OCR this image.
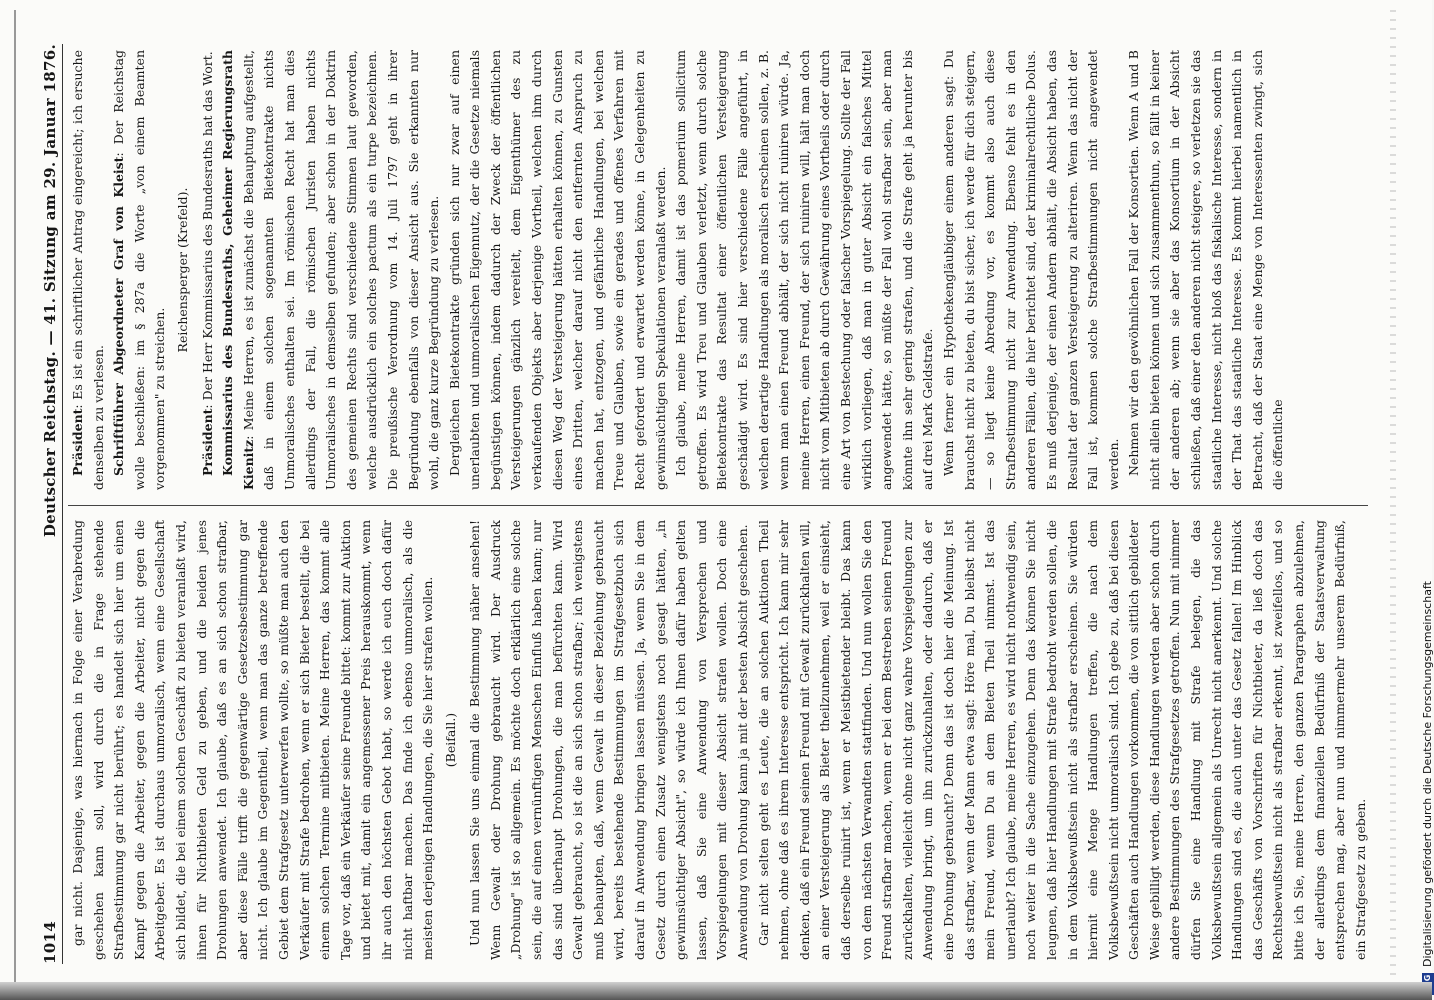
1014
Deutscher Reichstag. — 41. Sitzung am 29. Januar 1876.

gar nicht. Dasjenige, was hiernach in Folge einer Verabredung geschehen kann soll, wird durch die in Frage stehende Strafbestimmung gar nicht berührt; es handelt sich hier um einen Kampf gegen die Arbeiter, gegen die Arbeiter, nicht gegen die Arbeitgeber. Es ist durchaus unmoralisch, wenn eine Gesellschaft sich bildet, die bei einem solchen Geschäft zu bieten veranlaßt wird, ihnen für Nichtbieten Geld zu geben, und die beiden jenes Drohungen anwendet. Ich glaube, daß es an sich schon strafbar, aber diese Fälle trifft die gegenwärtige Gesetzesbestimmung gar nicht. Ich glaube im Gegentheil, wenn man das ganze betreffende Gebiet dem Strafgesetz unterwerfen wollte, so müßte man auch den Verkäufer mit Strafe bedrohen, wenn er sich Bieter bestellt, die bei einem solchen Termine mitbieten. Meine Herren, das kommt alle Tage vor, daß ein Verkäufer seine Freunde bittet: kommt zur Auktion und bietet mit, damit ein angemessener Preis herauskommt, wenn ihr auch den höchsten Gebot habt, so werde ich euch doch dafür nicht haftbar machen. Das finde ich ebenso unmoralisch, als die meisten derjenigen Handlungen, die Sie hier strafen wollen. (Beifall.) Und nun lassen Sie uns einmal die Bestimmung näher ansehen! Wenn Gewalt oder Drohung gebraucht wird. Der Ausdruck „Drohung" ist so allgemein. Es möchte doch erklärlich eine solche sein, die auf einen vernünftigen Menschen Einfluß haben kann; nur das sind überhaupt Drohungen, die man befürchten kann. Wird Gewalt gebraucht, so ist die an sich schon strafbar; ich wenigstens muß behaupten, daß, wenn Gewalt in dieser Beziehung gebraucht wird, bereits bestehende Bestimmungen im Strafgesetzbuch sich darauf in Anwendung bringen lassen müssen. Ja, wenn Sie in dem Gesetz durch einen Zusatz wenigstens noch gesagt hätten, „in gewinnsüchtiger Absicht", so würde ich Ihnen dafür haben gelten lassen, daß Sie eine Anwendung von Versprechen und Vorspiegelungen mit dieser Absicht strafen wollen. Doch eine Anwendung von Drohung kann ja mit der besten Absicht geschehen. Gar nicht selten geht es Leute, die an solchen Auktionen Theil nehmen, ohne daß es ihrem Interesse entspricht. Ich kann mir sehr denken, daß ein Freund seinen Freund mit Gewalt zurückhalten will, an einer Versteigerung als Bieter theilzunehmen, weil er einsieht, daß derselbe ruinirt ist, wenn er Meistbietender bleibt. Das kann von dem nächsten Verwandten stattfinden. Und nun wollen Sie den Freund strafbar machen, wenn er bei dem Bestreben seinen Freund zurückhalten, vielleicht ohne nicht ganz wahre Vorspiegelungen zur Anwendung bringt, um ihn zurückzuhalten, oder dadurch, daß er eine Drohung gebraucht? Denn das ist doch hier die Meinung. Ist das strafbar, wenn der Mann etwa sagt: Höre mal, Du bleibst nicht mein Freund, wenn Du an dem Bieten Theil nimmst. Ist das unerlaubt? Ich glaube, meine Herren, es wird nicht nothwendig sein, noch weiter in die Sache einzugehen. Denn das können Sie nicht leugnen, daß hier Handlungen mit Strafe bedroht werden sollen, die in dem Volksbewußtsein nicht als strafbar erscheinen. Sie würden hiermit eine Menge Handlungen treffen, die nach dem Volksbewußtsein nicht unmoralisch sind. Ich gebe zu, daß bei diesen Geschäften auch Handlungen vorkommen, die von sittlich gebildeter Weise gebilligt werden, diese Handlungen werden aber schon durch andere Bestimmungen des Strafgesetzes getroffen. Nun mit nimmer dürfen Sie eine Handlung mit Strafe belegen, die das Volksbewußtsein allgemein als Unrecht nicht anerkennt. Und solche Handlungen sind es, die auch unter das Gesetz fallen! Im Hinblick das Geschäfts von Vorschriften für Nichtbieter, da ließ doch das Rechtsbewußtsein nicht als strafbar erkennt, ist zweifellos, und so bitte ich Sie, meine Herren, den ganzen Paragraphen abzulehnen, der allerdings dem finanziellen Bedürfniß der Staatsverwaltung entsprechen mag, aber nun und nimmermehr unserem Bedürfniß, ein Strafgesetz zu geben.

Präsident: Es ist ein schriftlicher Antrag eingereicht; ich ersuche denselben zu verlesen. Schriftführer Abgeordneter Graf von Kleist: Der Reichstag wolle beschließen: im § 287a die Worte „von einem Beamten vorgenommen" zu streichen.

Reichensperger (Krefeld).

Präsident: Der Herr Kommissarius des Bundesraths hat das Wort. Kommissarius des Bundesraths, Geheimer Regierungsrath Kienitz: Meine Herren, es ist zunächst die Behauptung aufgestellt, daß in einem solchen sogenannten Bietekontrakte nichts Unmoralisches enthalten sei. Im römischen Recht hat man dies allerdings der Fall, die römischen Juristen haben nichts Unmoralisches in demselben gefunden; aber schon in der Doktrin des gemeinen Rechts sind verschiedene Stimmen laut geworden, welche ausdrücklich ein solches pactum als ein turpe bezeichnen. Die preußische Verordnung vom 14. Juli 1797 geht in ihrer Begründung ebenfalls von dieser Ansicht aus. Sie erkannten nur wohl, die ganz kurze Begründung zu verlesen. Dergleichen Bietekontrakte gründen sich nur zwar auf einen unerlaubten und unmoralischen Eigennutz, der die Gesetze niemals begünstigen können, indem dadurch der Zweck der öffentlichen Versteigerungen gänzlich vereitelt, dem Eigenthümer des zu verkaufenden Objekts aber derjenige Vortheil, welchen ihm durch diesen Weg der Versteigerung hätten erhalten können, zu Gunsten eines Dritten, welcher darauf nicht den entfernten Anspruch zu machen hat, entzogen, und gefährliche Handlungen, bei welchen Treue und Glauben, sowie ein gerades und offenes Verfahren mit Recht gefordert und erwartet werden könne, in Gelegenheiten zu gewinnsüchtigen Spekulationen veranlaßt werden. Ich glaube, meine Herren, damit ist das pomerium sollicitum getroffen. Es wird Treu und Glauben verletzt, wenn durch solche Bietekontrakte das Resultat einer öffentlichen Versteigerung geschädigt wird. Es sind hier verschiedene Fälle angeführt, in welchen derartige Handlungen als moralisch erscheinen sollen, z. B. wenn man einen Freund abhält, der sich nicht ruiniren würde. Ja, meine Herren, einen Freund, der sich ruiniren will, hält man doch nicht vom Mitbieten ab durch Gewährung eines Vortheils oder durch eine Art von Bestechung oder falscher Vorspiegelung. Sollte der Fall wirklich vorliegen, daß man in guter Absicht ein falsches Mittel angewendet hätte, so müßte der Fall wohl strafbar sein, aber man könnte ihn sehr gering strafen, und die Strafe geht ja herunter bis auf drei Mark Geldstrafe. Wenn ferner ein Hypothekengläubiger einem anderen sagt: Du brauchst nicht zu bieten, du bist sicher, ich werde für dich steigern, — so liegt keine Abredung vor, es kommt also auch diese Strafbestimmung nicht zur Anwendung. Ebenso fehlt es in den anderen Fällen, die hier berichtet sind, der kriminalrechtliche Dolus. Es muß derjenige, der einen Andern abhält, die Absicht haben, das Resultat der ganzen Versteigerung zu alteriren. Wenn das nicht der Fall ist, kommen solche Strafbestimmungen nicht angewendet werden. Nehmen wir den gewöhnlichen Fall der Konsortien. Wenn A und B nicht allein bieten können und sich zusammenthun, so fällt in keiner der anderen ab; wenn sie aber das Konsortium in der Absicht schließen, daß einer den anderen nicht steigere, so verletzen sie das staatliche Interesse, nicht bloß das fiskalische Interesse, sondern in der That das staatliche Interesse. Es kommt hierbei namentlich in Betracht, daß der Staat eine Menge von Interessenten zwingt, sich die öffentliche

Digitalisierung gefördert durch die Deutsche Forschungsgemeinschaft
